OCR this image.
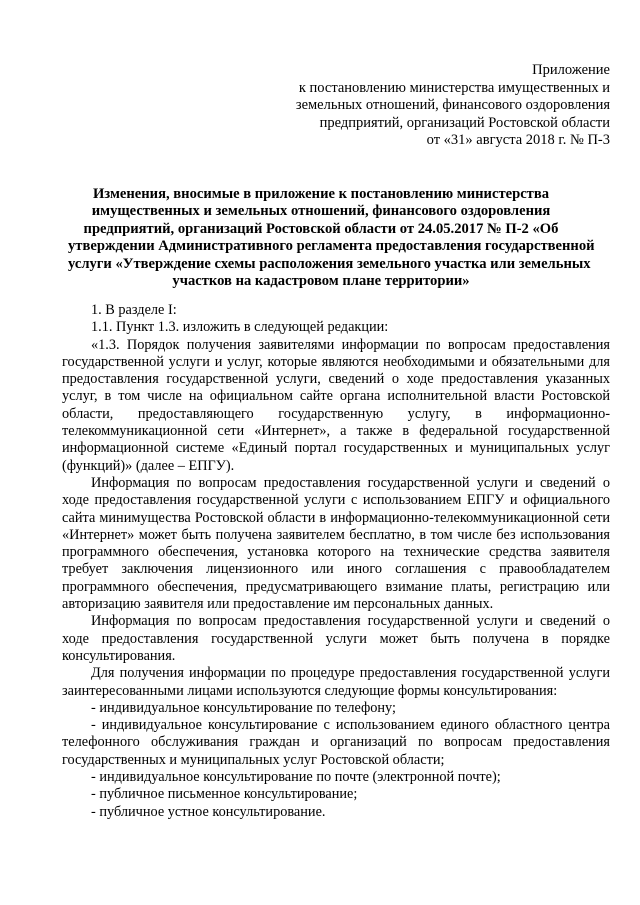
Приложение
к постановлению министерства имущественных и
земельных отношений, финансового оздоровления
предприятий, организаций Ростовской области
от «31» августа 2018 г. № П-3
Изменения, вносимые в приложение к постановлению министерства
имущественных и земельных отношений, финансового оздоровления
предприятий, организаций Ростовской области от 24.05.2017 № П-2 «Об
утверждении Административного регламента предоставления государственной
услуги «Утверждение схемы расположения земельного участка или земельных
участков на кадастровом плане территории»

1. В разделе I:

1.1. Пункт 1.3. изложить в следующей редакции:

«1.3. Порядок получения заявителями информации по вопросам предоставления государственной услуги и услуг, которые являются необходимыми и обязательными для предоставления государственной услуги, сведений о ходе предоставления указанных услуг, в том числе на официальном сайте органа исполнительной власти Ростовской области, предоставляющего государственную услугу, в информационно-телекоммуникационной сети «Интернет», а также в федеральной государственной информационной системе «Единый портал государственных и муниципальных услуг (функций)» (далее – ЕПГУ).

Информация по вопросам предоставления государственной услуги и сведений о ходе предоставления государственной услуги с использованием ЕПГУ и официального сайта минимущества Ростовской области в информационно-телекоммуникационной сети «Интернет» может быть получена заявителем бесплатно, в том числе без использования программного обеспечения, установка которого на технические средства заявителя требует заключения лицензионного или иного соглашения с правообладателем программного обеспечения, предусматривающего взимание платы, регистрацию или авторизацию заявителя или предоставление им персональных данных.

Информация по вопросам предоставления государственной услуги и сведений о ходе предоставления государственной услуги может быть получена в порядке консультирования.

Для получения информации по процедуре предоставления государственной услуги заинтересованными лицами используются следующие формы консультирования:

- индивидуальное консультирование по телефону;

- индивидуальное консультирование с использованием единого областного центра телефонного обслуживания граждан и организаций по вопросам предоставления государственных и муниципальных услуг Ростовской области;

- индивидуальное консультирование по почте (электронной почте);

- публичное письменное консультирование;

- публичное устное консультирование.
